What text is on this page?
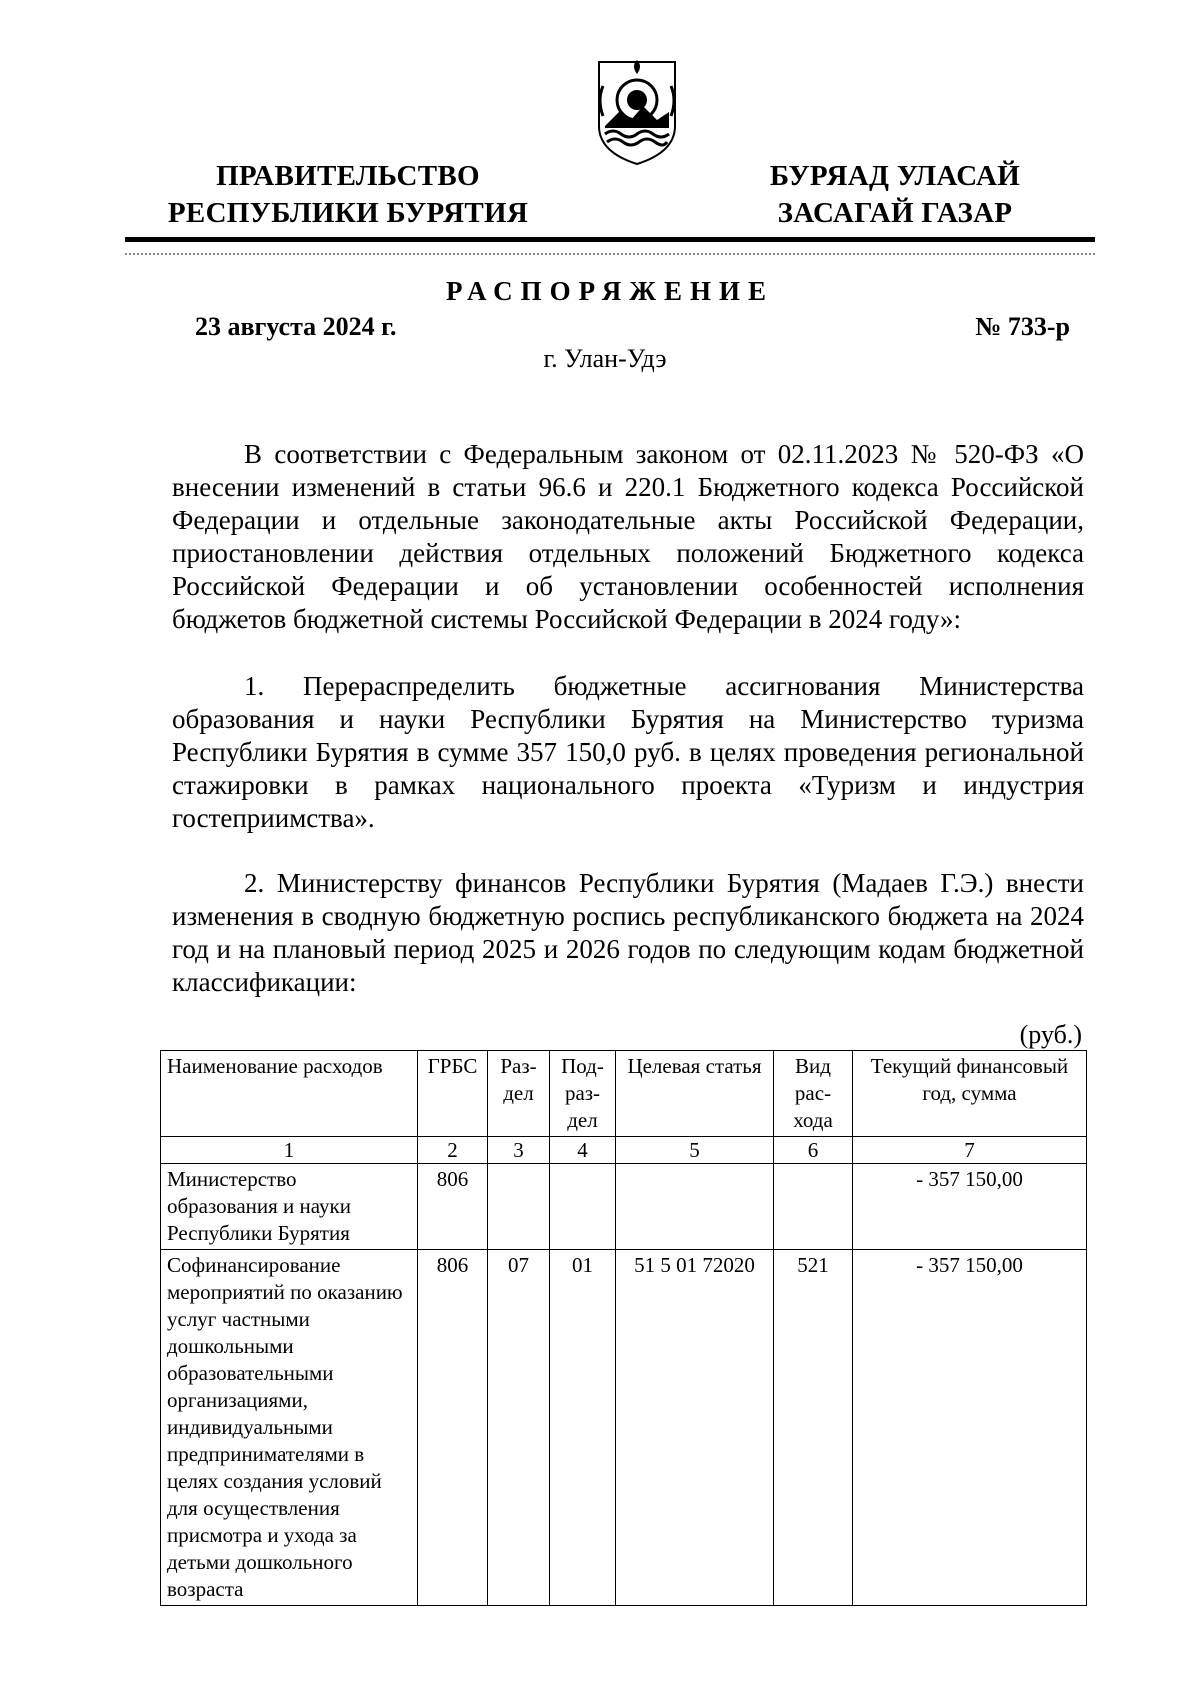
ПРАВИТЕЛЬСТВО
РЕСПУБЛИКИ БУРЯТИЯ
БУРЯАД УЛАСАЙ
ЗАСАГАЙ ГАЗАР
РАСПОРЯЖЕНИЕ
23 августа 2024 г.	№ 733-р
г. Улан-Удэ

В соответствии с Федеральным законом от 02.11.2023 № 520-ФЗ «О внесении изменений в статьи 96.6 и 220.1 Бюджетного кодекса Российской Федерации и отдельные законодательные акты Российской Федерации, приостановлении действия отдельных положений Бюджетного кодекса Российской Федерации и об установлении особенностей исполнения бюджетов бюджетной системы Российской Федерации в 2024 году»:

1. Перераспределить бюджетные ассигнования Министерства образования и науки Республики Бурятия на Министерство туризма Республики Бурятия в сумме 357 150,0 руб. в целях проведения региональной стажировки в рамках национального проекта «Туризм и индустрия гостеприимства».

2. Министерству финансов Республики Бурятия (Мадаев Г.Э.) внести изменения в сводную бюджетную роспись республиканского бюджета на 2024 год и на плановый период 2025 и 2026 годов по следующим кодам бюджетной классификации:

(руб.)
Наименование расходов	ГРБС	Раз- дел	Под- раз- дел	Целевая статья	Вид рас- хода	Текущий финансовый год, сумма
1	2	3	4	5	6	7
Министерство образования и науки Республики Бурятия	806					- 357 150,00
Софинансирование мероприятий по оказанию услуг частными дошкольными образовательными организациями, индивидуальными предпринимателями в целях создания условий для осуществления присмотра и ухода за детьми дошкольного возраста	806	07	01	51 5 01 72020	521	- 357 150,00
